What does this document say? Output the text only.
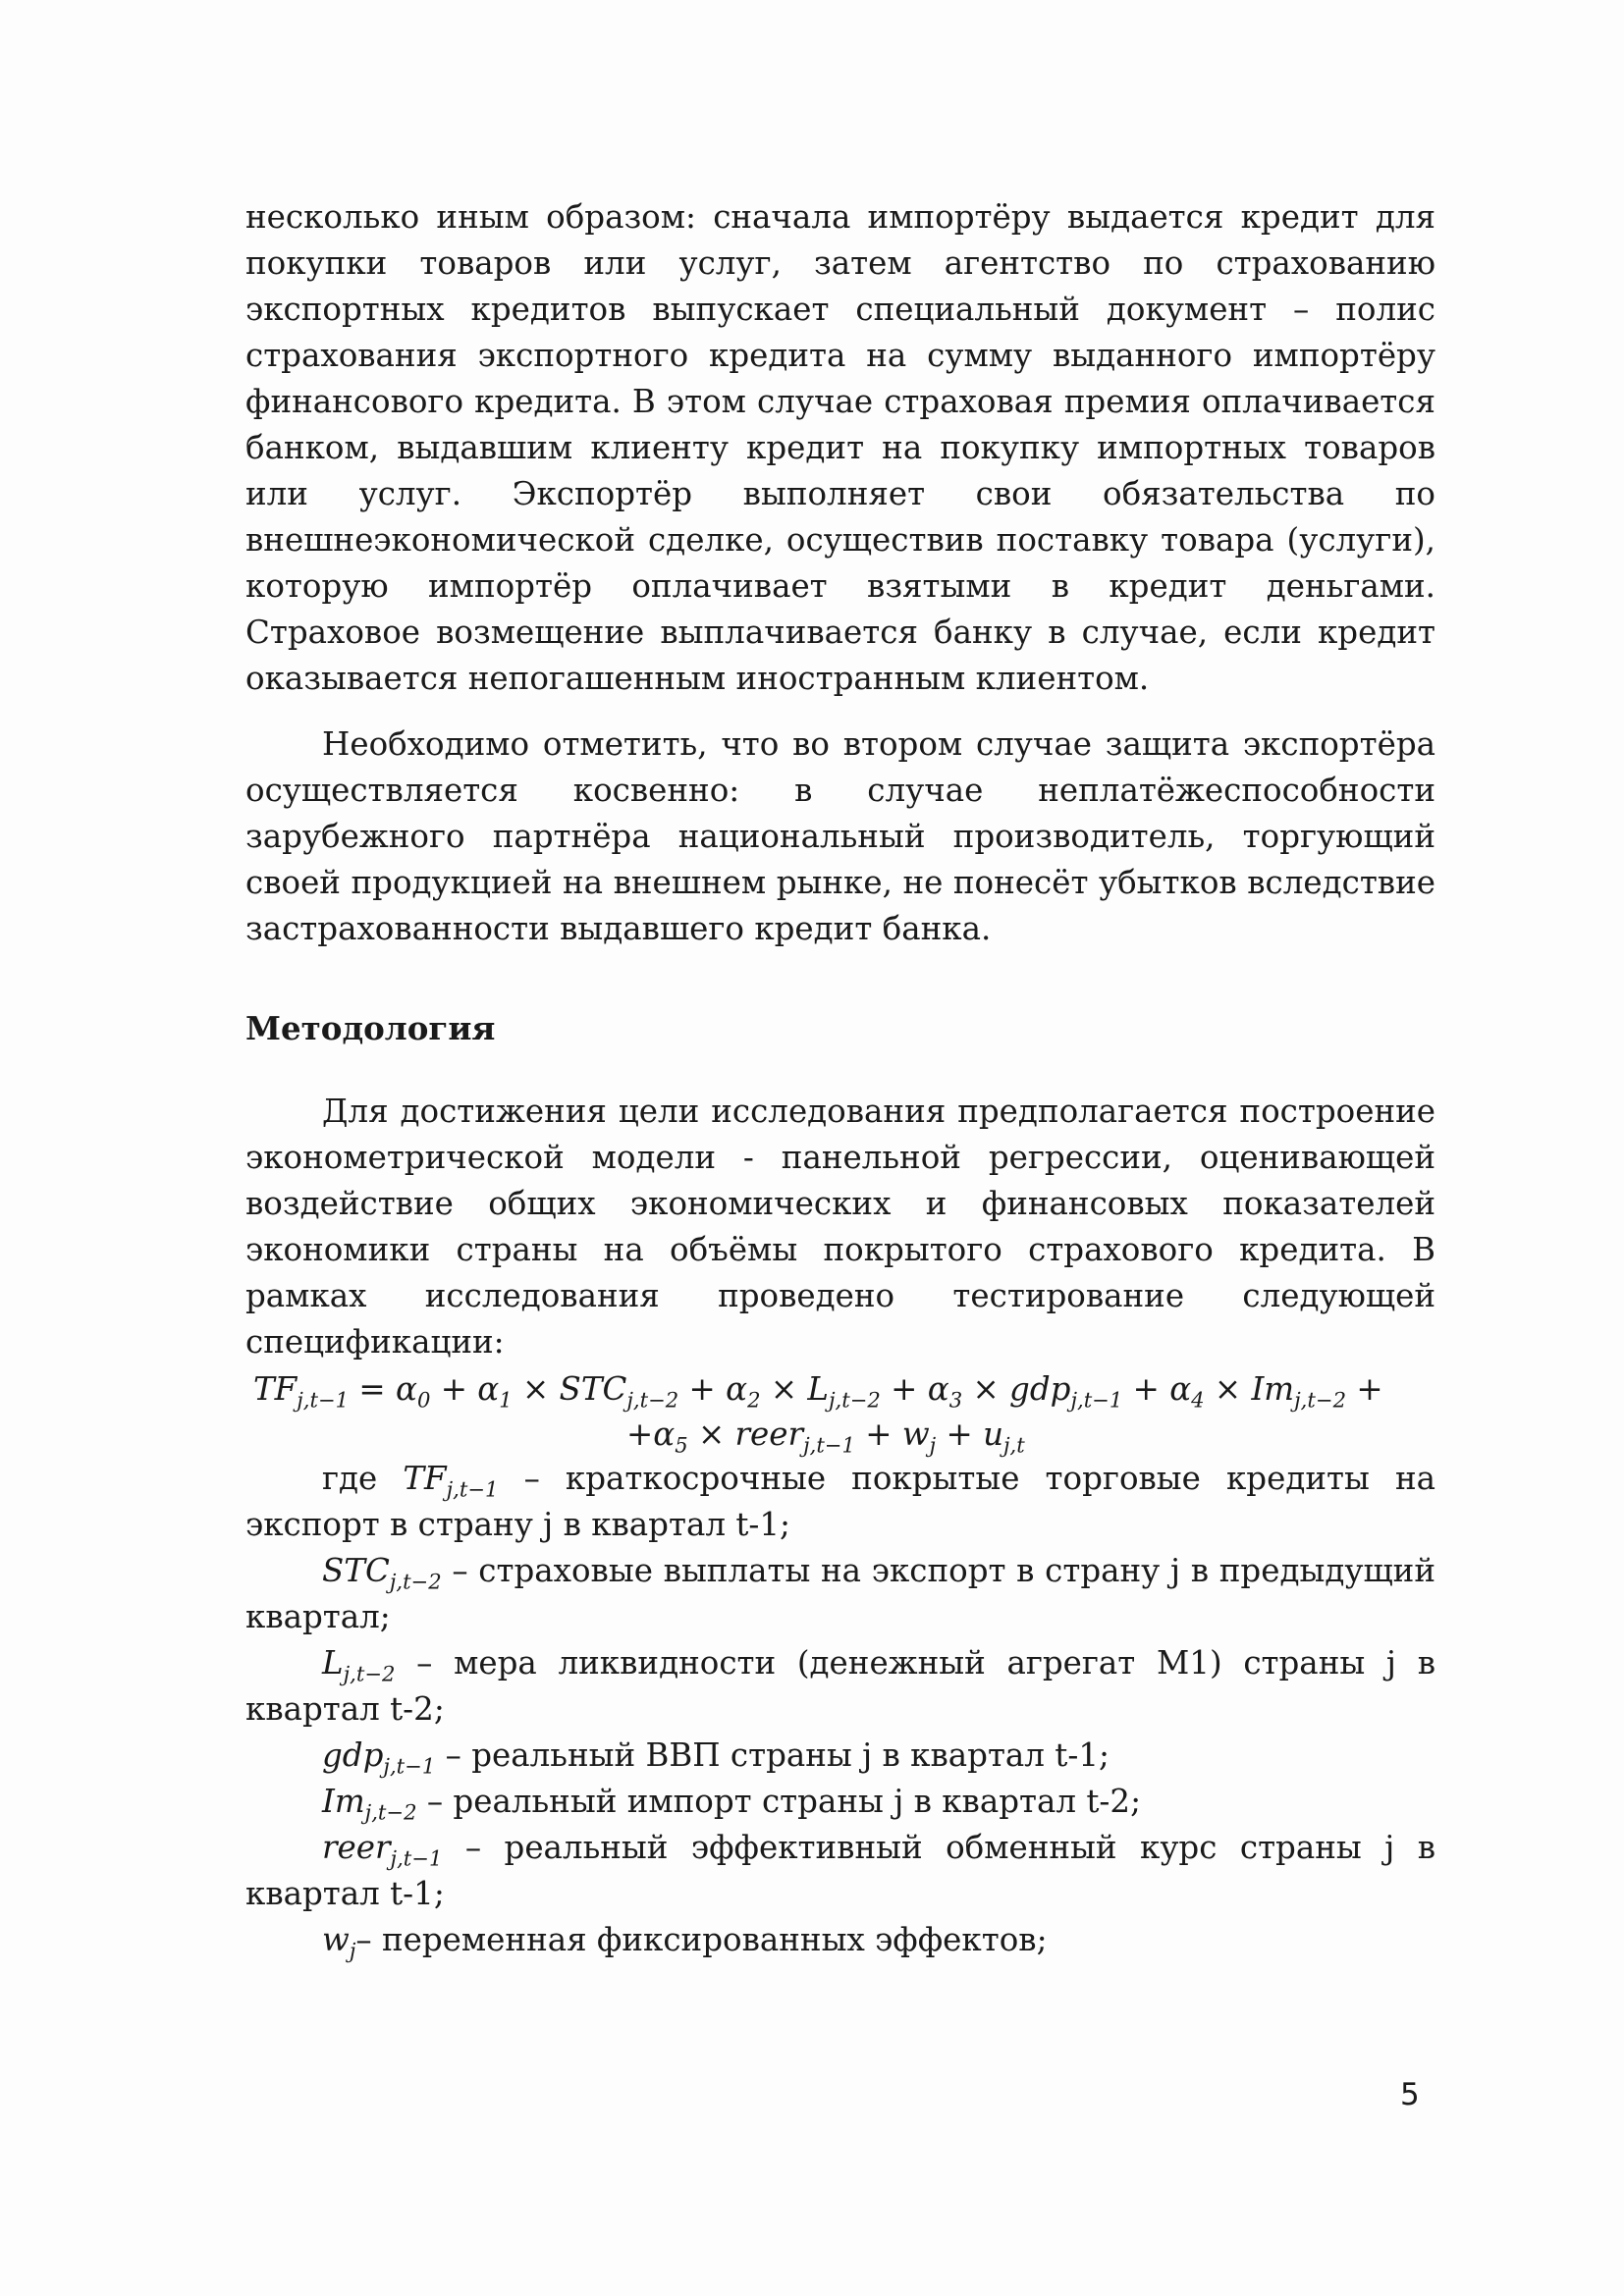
несколько иным образом: сначала импортёру выдается кредит для покупки товаров или услуг, затем агентство по страхованию экспортных кредитов выпускает специальный документ – полис страхования экспортного кредита на сумму выданного импортёру финансового кредита. В этом случае страховая премия оплачивается банком, выдавшим клиенту кредит на покупку импортных товаров или услуг. Экспортёр выполняет свои обязательства по внешнеэкономической сделке, осуществив поставку товара (услуги), которую импортёр оплачивает взятыми в кредит деньгами. Страховое возмещение выплачивается банку в случае, если кредит оказывается непогашенным иностранным клиентом.

Необходимо отметить, что во втором случае защита экспортёра осуществляется косвенно: в случае неплатёжеспособности зарубежного партнёра национальный производитель, торгующий своей продукцией на внешнем рынке, не понесёт убытков вследствие застрахованности выдавшего кредит банка.

Методология

Для достижения цели исследования предполагается построение эконометрической модели - панельной регрессии, оценивающей воздействие общих экономических и финансовых показателей экономики страны на объёмы покрытого страхового кредита. В рамках исследования проведено тестирование следующей спецификации:

$TF_{j,t-1} = \alpha_0 + \alpha_1 \times STC_{j,t-2} + \alpha_2 \times L_{j,t-2} + \alpha_3 \times gdp_{j,t-1} + \alpha_4 \times Im_{j,t-2}$ +
$+\alpha_5$ × reer$_{j,t-1}$ + $w_j + u_{j,t}$

где $TF_{j,t-1}$ – краткосрочные покрытые торговые кредиты на экспорт в страну j в квартал t-1;

$STC_{j,t-2}$ – страховые выплаты на экспорт в страну j в предыдущий квартал;

$L_{j,t-2}$ – мера ликвидности (денежный агрегат M1) страны j в квартал t-2;

gdp$_{j,t-1}$ – реальный ВВП страны j в квартал t-1;

$Im_{j,t-2}$ – реальный импорт страны j в квартал t-2;

reer$_{j,t-1}$ – реальный эффективный обменный курс страны j в квартал t-1;

$w_j-$ переменная фиксированных эффектов;

5
